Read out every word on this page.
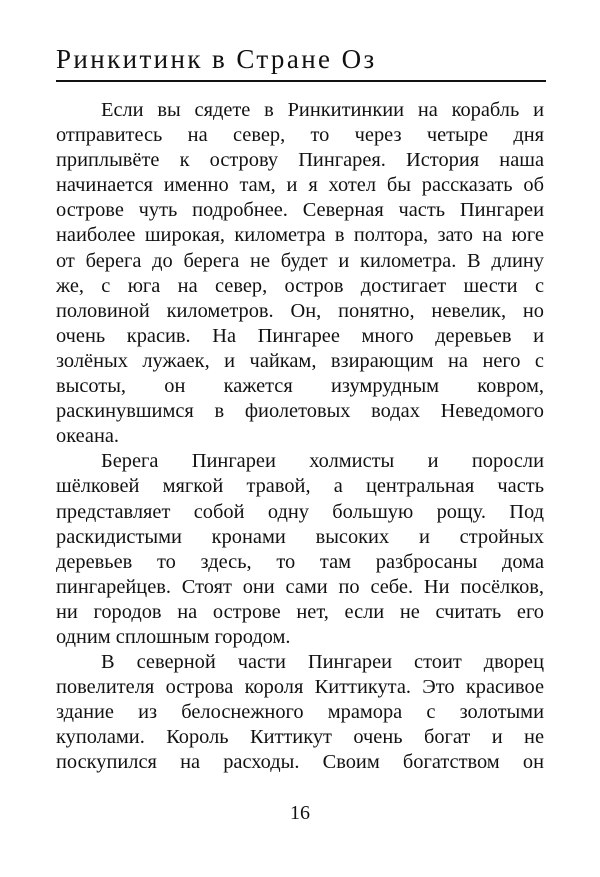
Ринкитинк в Стране Оз
Если вы сядете в Ринкитинкии на корабль и
отправитесь на север, то через четыре дня
приплывёте к острову Пингарея. История наша
начинается именно там, и я хотел бы рассказать об
острове чуть подробнее. Северная часть Пингареи
наиболее широкая, километра в полтора, зато на юге
от берега до берега не будет и километра. В длину
же, с юга на север, остров достигает шести с
половиной километров. Он, понятно, невелик, но
очень красив. На Пингарее много деревьев и
золёных лужаек, и чайкам, взирающим на него с
высоты, он кажется изумрудным ковром,
раскинувшимся в фиолетовых водах Неведомого
океана.
Берега Пингареи холмисты и поросли
шёлковей мягкой травой, а центральная часть
представляет собой одну большую рощу. Под
раскидистыми кронами высоких и стройных
деревьев то здесь, то там разбросаны дома
пингарейцев. Стоят они сами по себе. Ни посёлков,
ни городов на острове нет, если не считать его
одним сплошным городом.
В северной части Пингареи стоит дворец
повелителя острова короля Киттикута. Это красивое
здание из белоснежного мрамора с золотыми
куполами. Король Киттикут очень богат и не
поскупился на расходы. Своим богатством он
16
